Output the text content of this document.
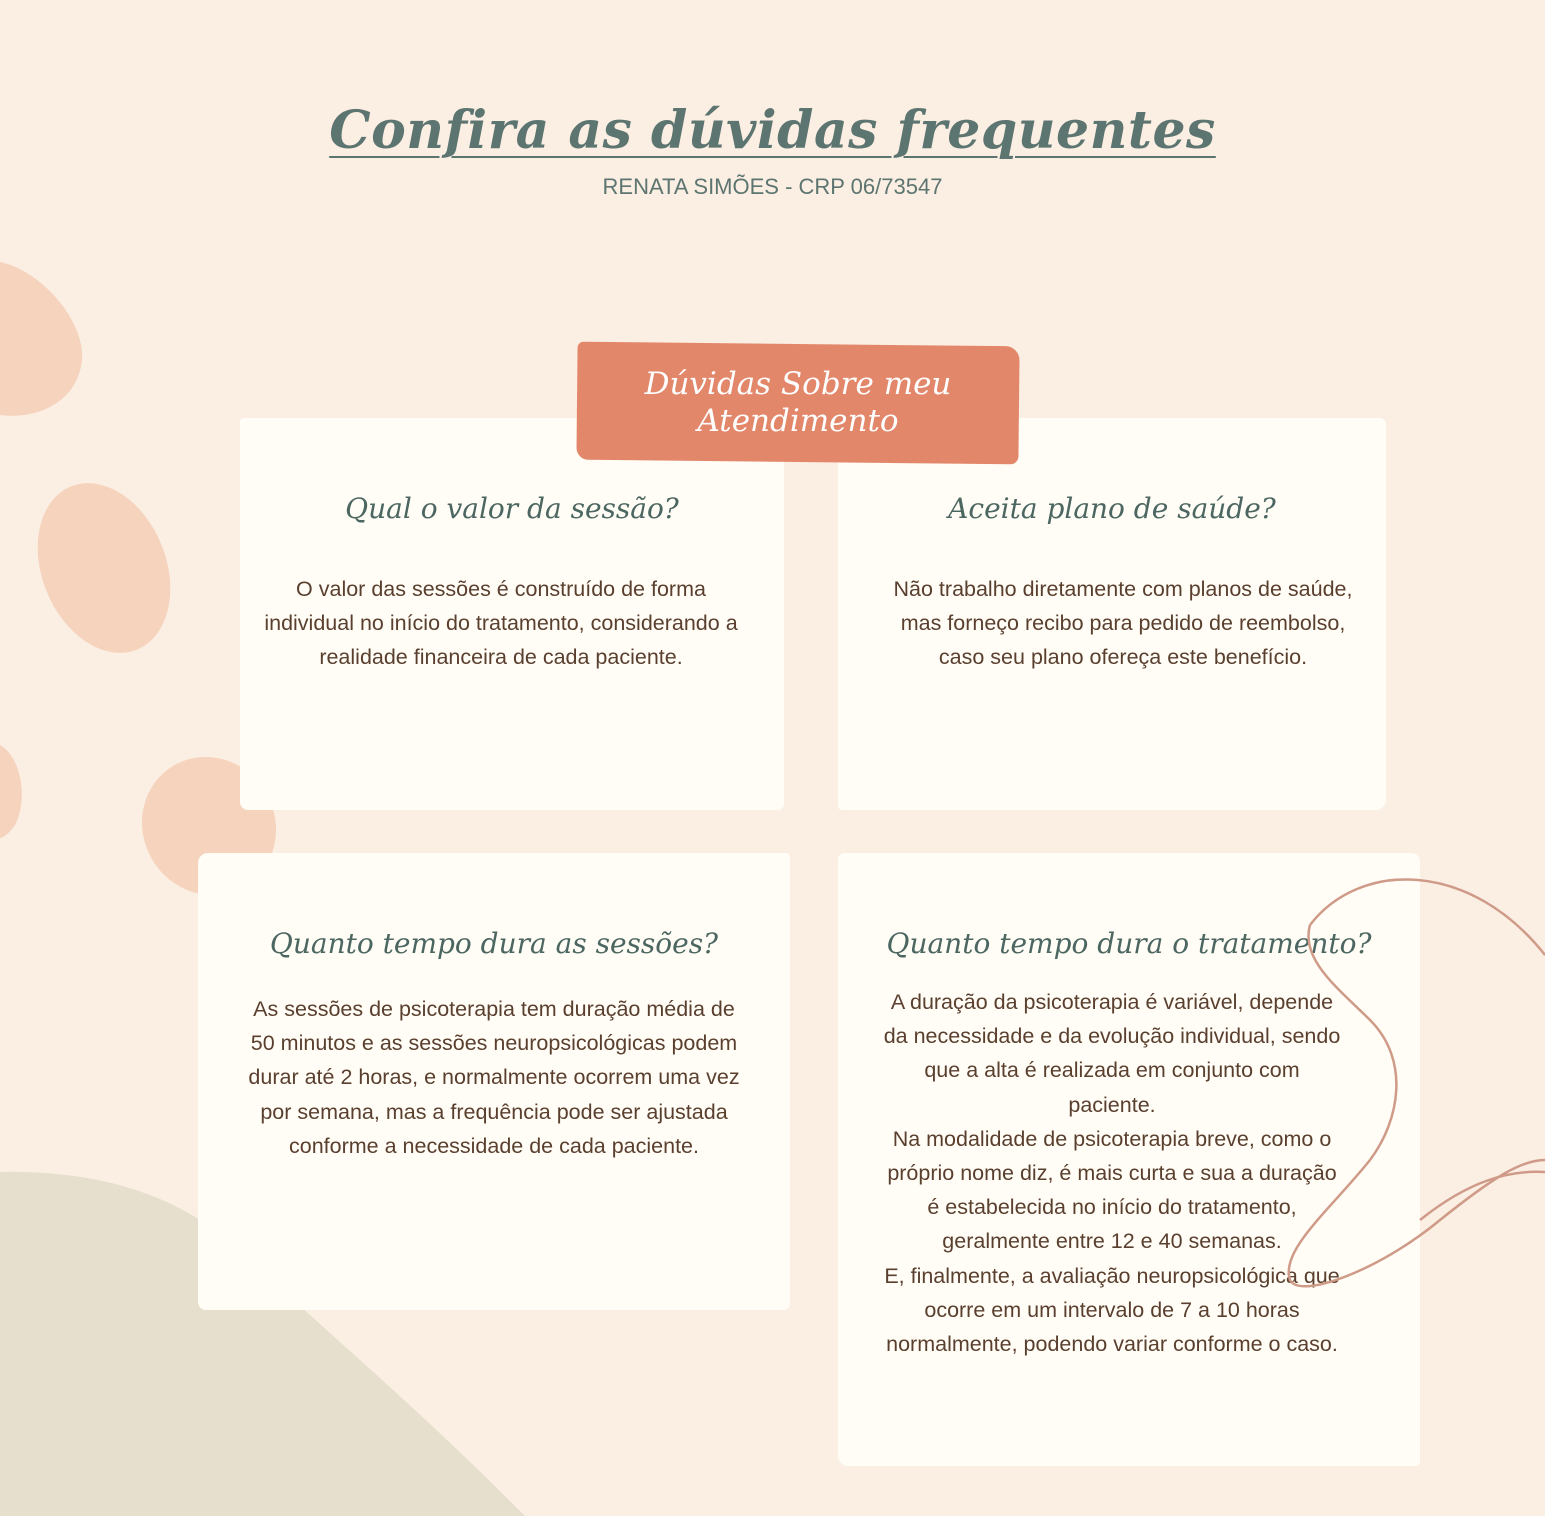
Confira as dúvidas frequentes
RENATA SIMÕES - CRP 06/73547
Qual o valor da sessão?
O valor das sessões é construído de forma individual no início do tratamento, considerando a realidade financeira de cada paciente.
Aceita plano de saúde?
Não trabalho diretamente com planos de saúde, mas forneço recibo para pedido de reembolso, caso seu plano ofereça este benefício.
Quanto tempo dura as sessões?
As sessões de psicoterapia tem duração média de 50 minutos e as sessões neuropsicológicas podem durar até 2 horas, e normalmente ocorrem uma vez por semana, mas a frequência pode ser ajustada conforme a necessidade de cada paciente.
Quanto tempo dura o tratamento?
A duração da psicoterapia é variável, depende da necessidade e da evolução individual, sendo que a alta é realizada em conjunto com paciente.
Na modalidade de psicoterapia breve, como o próprio nome diz, é mais curta e sua a duração é estabelecida no início do tratamento, geralmente entre 12 e 40 semanas.
E, finalmente, a avaliação neuropsicológica que ocorre em um intervalo de 7 a 10 horas normalmente, podendo variar conforme o caso.
Dúvidas Sobre meu
Atendimento
